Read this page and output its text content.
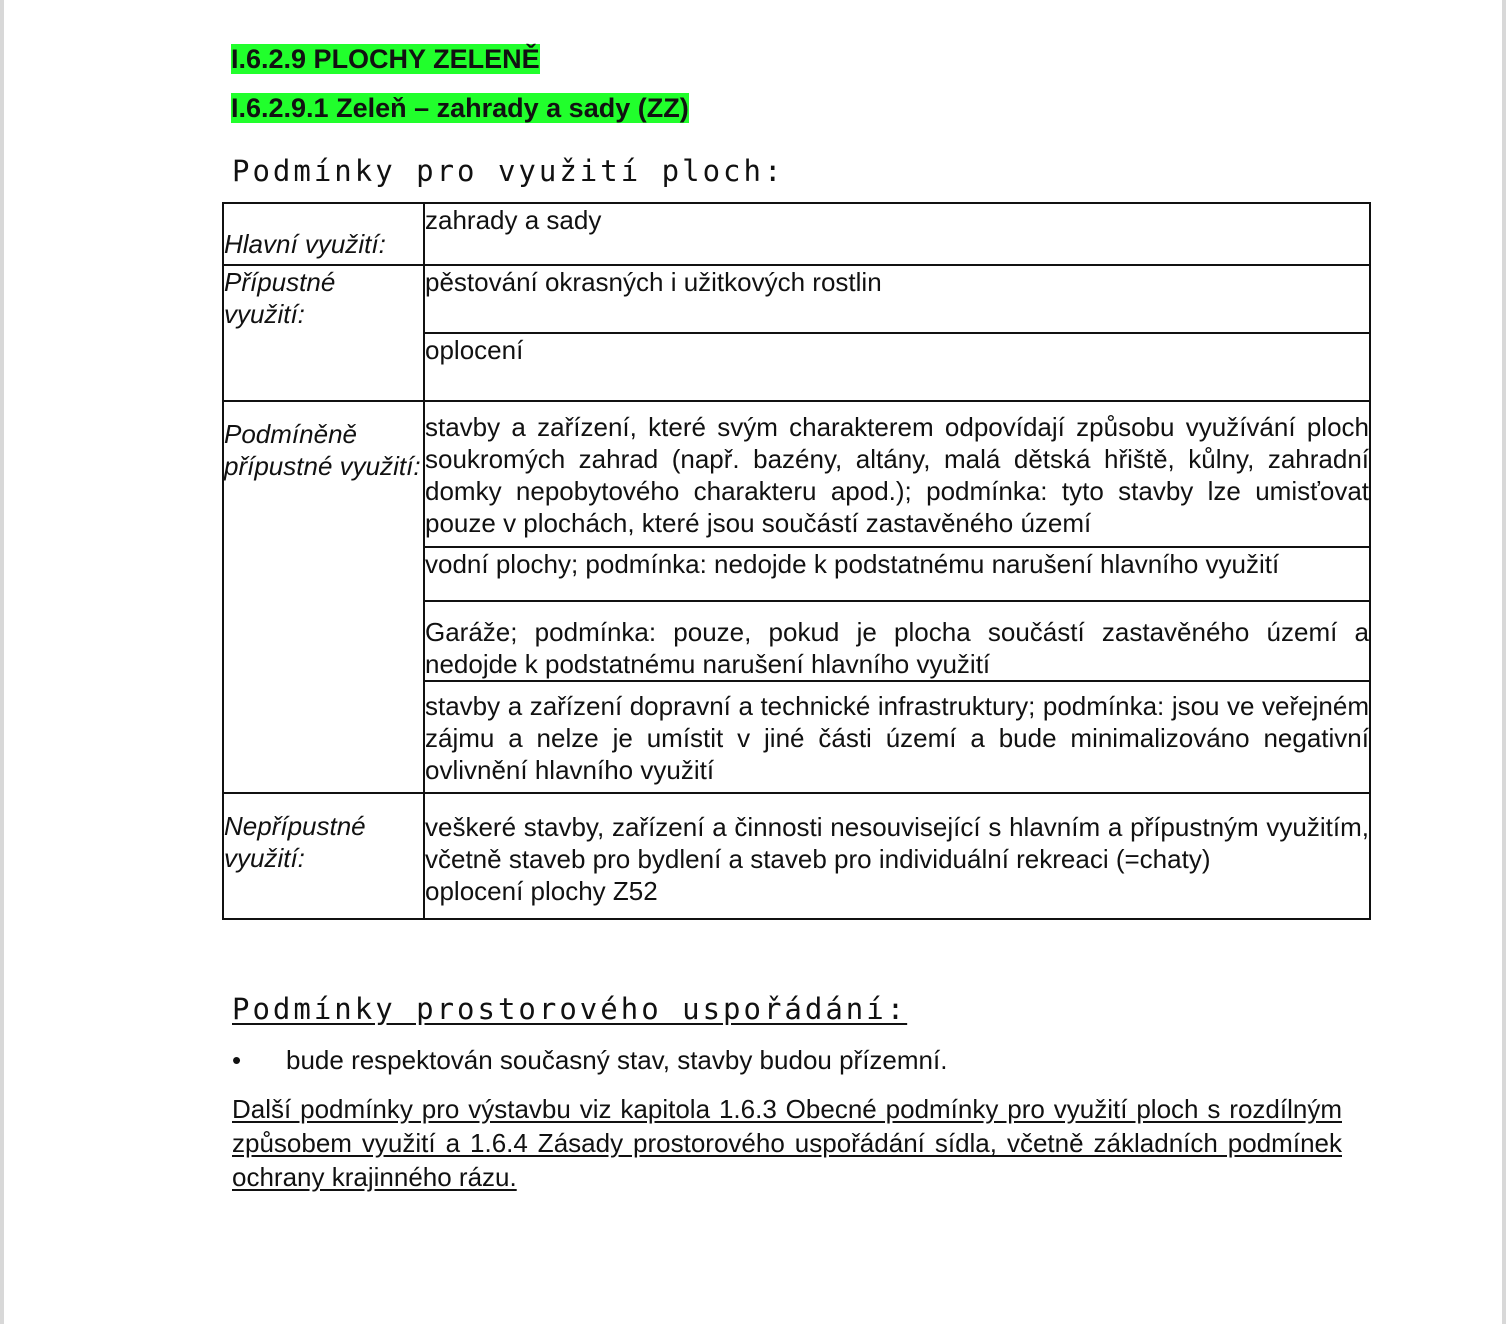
I.6.2.9 PLOCHY ZELENĚ
I.6.2.9.1 Zeleň – zahrady a sady (ZZ)
Podmínky pro využití ploch:
Hlavní využití:	zahrady a sady
Přípustné využití:	pěstování okrasných i užitkových rostlin
	oplocení
Podmíněně přípustné využití:	stavby a zařízení, které svým charakterem odpovídají způsobu využívání ploch soukromých zahrad (např. bazény, altány, malá dětská hřiště, kůlny, zahradní domky nepobytového charakteru apod.); podmínka: tyto stavby lze umisťovat pouze v plochách, které jsou součástí zastavěného území
	vodní plochy; podmínka: nedojde k podstatnému narušení hlavního využití
	Garáže; podmínka: pouze, pokud je plocha součástí zastavěného území a nedojde k podstatnému narušení hlavního využití
	stavby a zařízení dopravní a technické infrastruktury; podmínka: jsou ve veřejném zájmu a nelze je umístit v jiné části území a bude minimalizováno negativní ovlivnění hlavního využití
Nepřípustné využití:	veškeré stavby, zařízení a činnosti nesouvisející s hlavním a přípustným využitím, včetně staveb pro bydlení a staveb pro individuální rekreaci (=chaty)
	oplocení plochy Z52
Podmínky prostorového uspořádání:
• bude respektován současný stav, stavby budou přízemní.
Další podmínky pro výstavbu viz kapitola 1.6.3 Obecné podmínky pro využití ploch s rozdílným způsobem využití a 1.6.4 Zásady prostorového uspořádání sídla, včetně základních podmínek ochrany krajinného rázu.
